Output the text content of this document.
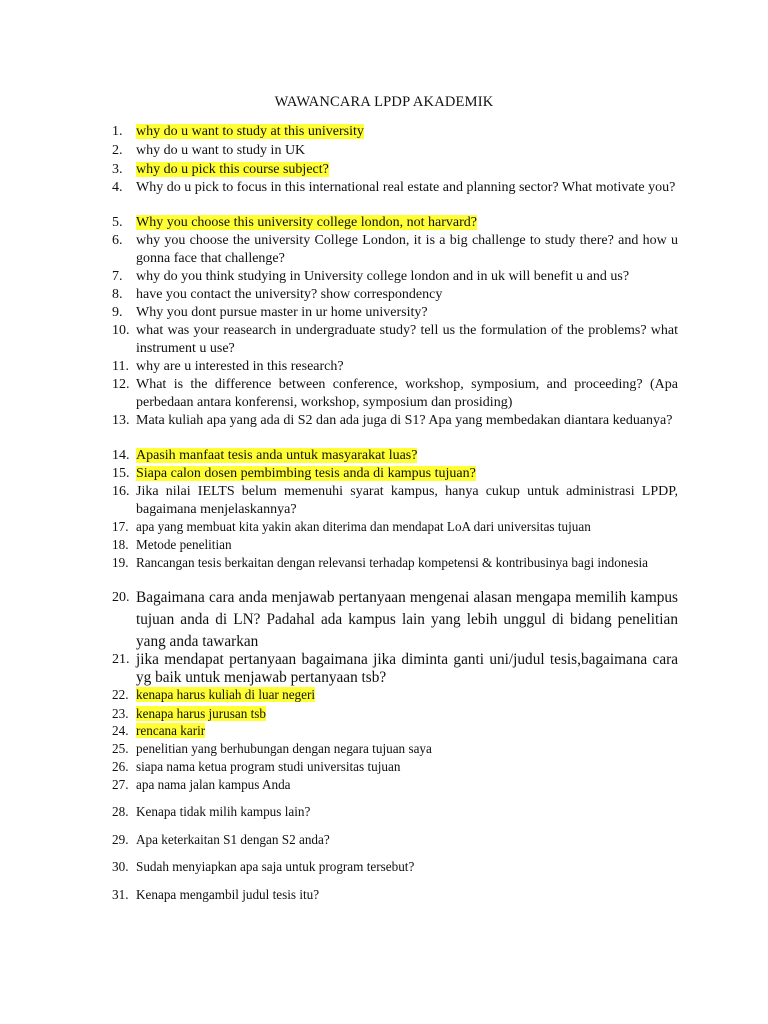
WAWANCARA LPDP AKADEMIK
1. why do u want to study at this university
2. why do u want to study in UK
3. why do u pick this course subject?
4. Why do u pick to focus in this international real estate and planning sector? What motivate you?
5. Why you choose this university college london, not harvard?
6. why you choose the university College London, it is a big challenge to study there? and how u gonna face that challenge?
7. why do you think studying in University college london and in uk will benefit u and us?
8. have you contact the university? show correspondency
9. Why you dont pursue master in ur home university?
10. what was your reasearch in undergraduate study? tell us the formulation of the problems? what instrument u use?
11. why are u interested in this research?
12. What is the difference between conference, workshop, symposium, and proceeding? (Apa perbedaan antara konferensi, workshop, symposium dan prosiding)
13. Mata kuliah apa yang ada di S2 dan ada juga di S1? Apa yang membedakan diantara keduanya?
14. Apasih manfaat tesis anda untuk masyarakat luas?
15. Siapa calon dosen pembimbing tesis anda di kampus tujuan?
16. Jika nilai IELTS belum memenuhi syarat kampus, hanya cukup untuk administrasi LPDP, bagaimana menjelaskannya?
17. apa yang membuat kita yakin akan diterima dan mendapat LoA dari universitas tujuan
18. Metode penelitian
19. Rancangan tesis berkaitan dengan relevansi terhadap kompetensi & kontribusinya bagi indonesia
20. Bagaimana cara anda menjawab pertanyaan mengenai alasan mengapa memilih kampus tujuan anda di LN? Padahal ada kampus lain yang lebih unggul di bidang penelitian yang anda tawarkan
21. jika mendapat pertanyaan bagaimana jika diminta ganti uni/judul tesis,bagaimana cara yg baik untuk menjawab pertanyaan tsb?
22. kenapa harus kuliah di luar negeri
23. kenapa harus jurusan tsb
24. rencana karir
25. penelitian yang berhubungan dengan negara tujuan saya
26. siapa nama ketua program studi universitas tujuan
27. apa nama jalan kampus Anda
28. Kenapa tidak milih kampus lain?
29. Apa keterkaitan S1 dengan S2 anda?
30. Sudah menyiapkan apa saja untuk program tersebut?
31. Kenapa mengambil judul tesis itu?
